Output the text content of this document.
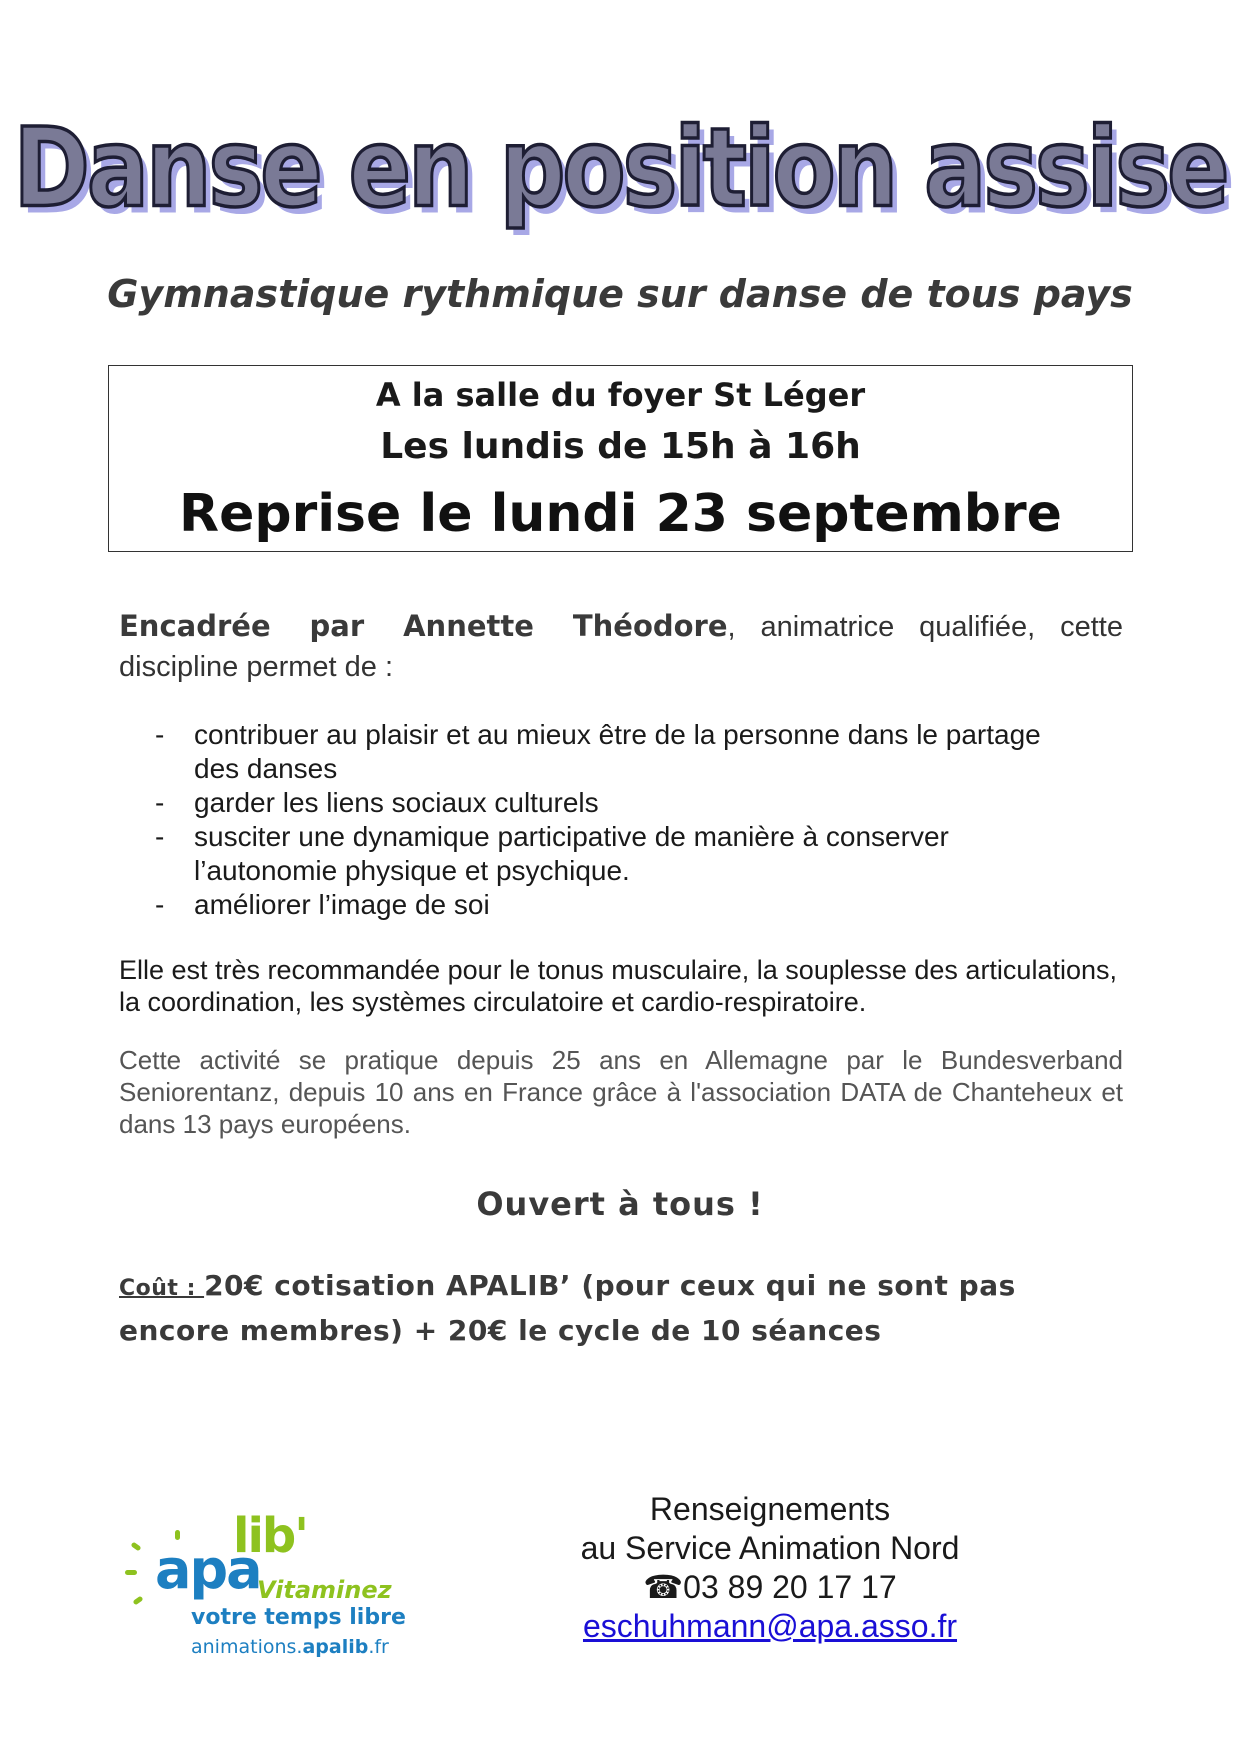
Danse en position assise
Gymnastique rythmique sur danse de tous pays
A la salle du foyer St Léger
Les lundis de 15h à 16h
Reprise le lundi 23 septembre
Encadrée par Annette Théodore, animatrice qualifiée, cette discipline permet de :
- contribuer au plaisir et au mieux être de la personne dans le partage des danses
- garder les liens sociaux culturels
- susciter une dynamique participative de manière à conserver l’autonomie physique et psychique.
- améliorer l’image de soi
Elle est très recommandée pour le tonus musculaire, la souplesse des articulations, la coordination, les systèmes circulatoire et cardio-respiratoire.
Cette activité se pratique depuis 25 ans en Allemagne par le Bundesverband Seniorentanz, depuis 10 ans en France grâce à l'association DATA de Chanteheux et dans 13 pays européens.
Ouvert à tous !
Coût : 20€ cotisation APALIB’ (pour ceux qui ne sont pas encore membres) + 20€ le cycle de 10 séances
lib'
apa
Vitaminez
votre temps libre
animations.apalib.fr
Renseignements
au Service Animation Nord
☎03 89 20 17 17
eschuhmann@apa.asso.fr
